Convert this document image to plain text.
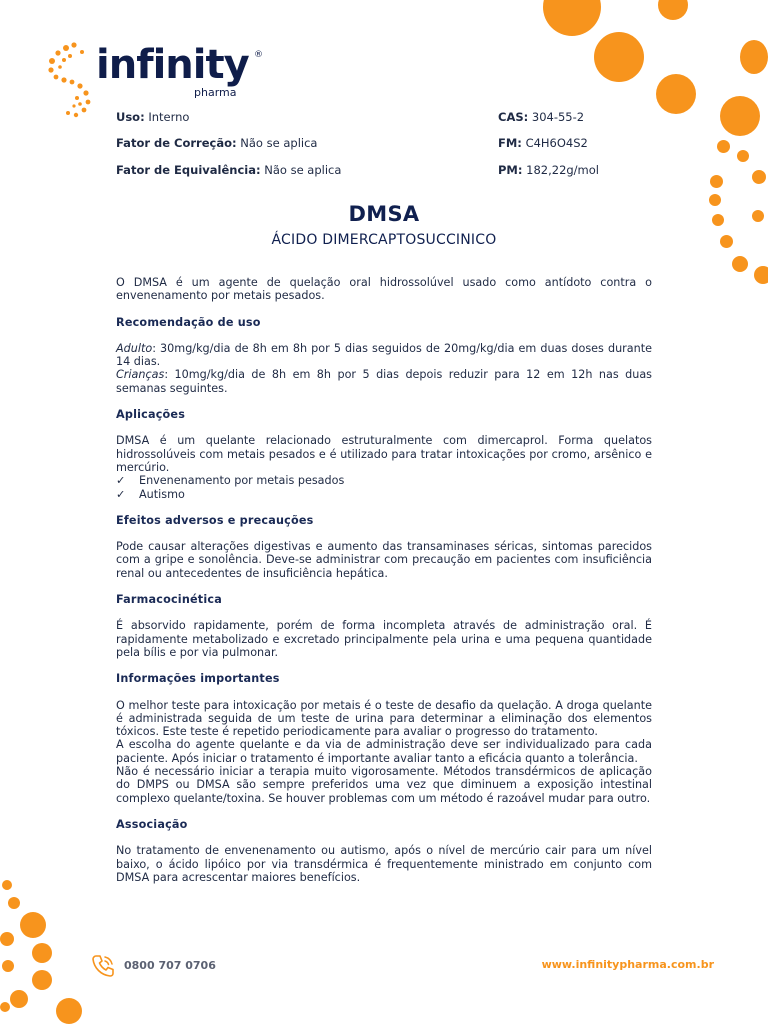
infinity ®
pharma
Uso: Interno
Fator de Correção: Não se aplica
Fator de Equivalência: Não se aplica
CAS: 304-55-2
FM: C4H6O4S2
PM: 182,22g/mol
DMSA
ÁCIDO DIMERCAPTOSUCCINICO

O DMSA é um agente de quelação oral hidrossolúvel usado como antídoto contra o envenenamento por metais pesados.

Recomendação de uso

Adulto: 30mg/kg/dia de 8h em 8h por 5 dias seguidos de 20mg/kg/dia em duas doses durante 14 dias.

Crianças: 10mg/kg/dia de 8h em 8h por 5 dias depois reduzir para 12 em 12h nas duas semanas seguintes.

Aplicações

DMSA é um quelante relacionado estruturalmente com dimercaprol. Forma quelatos hidrossolúveis com metais pesados e é utilizado para tratar intoxicações por cromo, arsênico e mercúrio.

✓ Envenenamento por metais pesados
✓ Autismo
Efeitos adversos e precauções

Pode causar alterações digestivas e aumento das transaminases séricas, sintomas parecidos com a gripe e sonolência. Deve-se administrar com precaução em pacientes com insuficiência renal ou antecedentes de insuficiência hepática.

Farmacocinética

É absorvido rapidamente, porém de forma incompleta através de administração oral. É rapidamente metabolizado e excretado principalmente pela urina e uma pequena quantidade pela bílis e por via pulmonar.

Informações importantes

O melhor teste para intoxicação por metais é o teste de desafio da quelação. A droga quelante é administrada seguida de um teste de urina para determinar a eliminação dos elementos tóxicos. Este teste é repetido periodicamente para avaliar o progresso do tratamento.

A escolha do agente quelante e da via de administração deve ser individualizado para cada paciente. Após iniciar o tratamento é importante avaliar tanto a eficácia quanto a tolerância.

Não é necessário iniciar a terapia muito vigorosamente. Métodos transdérmicos de aplicação do DMPS ou DMSA são sempre preferidos uma vez que diminuem a exposição intestinal complexo quelante/toxina. Se houver problemas com um método é razoável mudar para outro.

Associação

No tratamento de envenenamento ou autismo, após o nível de mercúrio cair para um nível baixo, o ácido lipóico por via transdérmica é frequentemente ministrado em conjunto com DMSA para acrescentar maiores benefícios.

0800 707 0706	www.infinitypharma.com.br
